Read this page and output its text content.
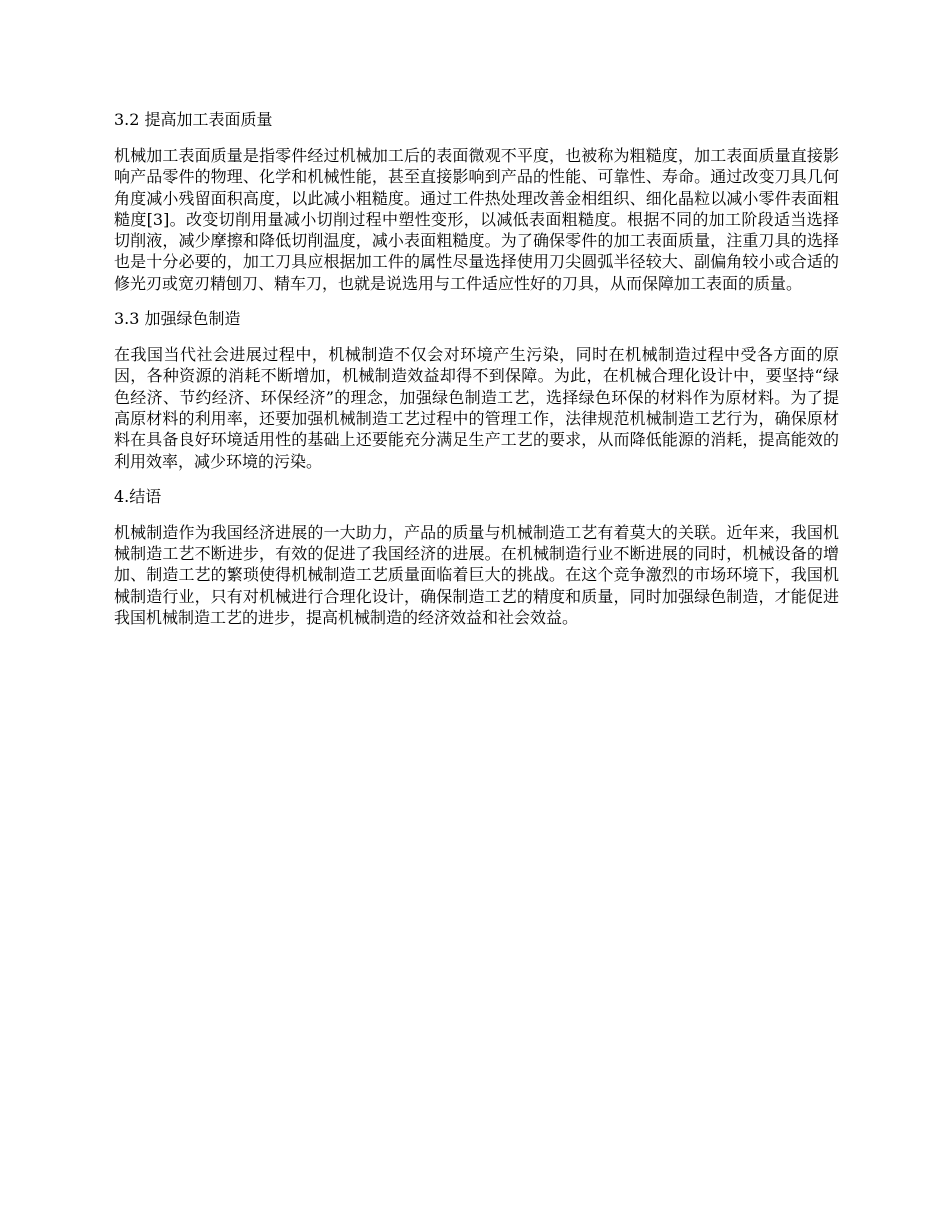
3.2 提高加工表面质量

机械加工表面质量是指零件经过机械加工后的表面微观不平度，也被称为粗糙度，加工表面质量直接影响产品零件的物理、化学和机械性能，甚至直接影响到产品的性能、可靠性、寿命。通过改变刀具几何角度减小残留面积高度，以此减小粗糙度。通过工件热处理改善金相组织、细化晶粒以减小零件表面粗糙度[3]。改变切削用量减小切削过程中塑性变形，以减低表面粗糙度。根据不同的加工阶段适当选择切削液，减少摩擦和降低切削温度，减小表面粗糙度。为了确保零件的加工表面质量，注重刀具的选择也是十分必要的，加工刀具应根据加工件的属性尽量选择使用刀尖圆弧半径较大、副偏角较小或合适的修光刃或宽刃精刨刀、精车刀，也就是说选用与工件适应性好的刀具，从而保障加工表面的质量。

3.3 加强绿色制造

在我国当代社会进展过程中，机械制造不仅会对环境产生污染，同时在机械制造过程中受各方面的原因，各种资源的消耗不断增加，机械制造效益却得不到保障。为此，在机械合理化设计中，要坚持“绿色经济、节约经济、环保经济”的理念，加强绿色制造工艺，选择绿色环保的材料作为原材料。为了提高原材料的利用率，还要加强机械制造工艺过程中的管理工作，法律规范机械制造工艺行为，确保原材料在具备良好环境适用性的基础上还要能充分满足生产工艺的要求，从而降低能源的消耗，提高能效的利用效率，减少环境的污染。

4.结语

机械制造作为我国经济进展的一大助力，产品的质量与机械制造工艺有着莫大的关联。近年来，我国机械制造工艺不断进步，有效的促进了我国经济的进展。在机械制造行业不断进展的同时，机械设备的增加、制造工艺的繁琐使得机械制造工艺质量面临着巨大的挑战。在这个竞争激烈的市场环境下，我国机械制造行业，只有对机械进行合理化设计，确保制造工艺的精度和质量，同时加强绿色制造，才能促进我国机械制造工艺的进步，提高机械制造的经济效益和社会效益。
